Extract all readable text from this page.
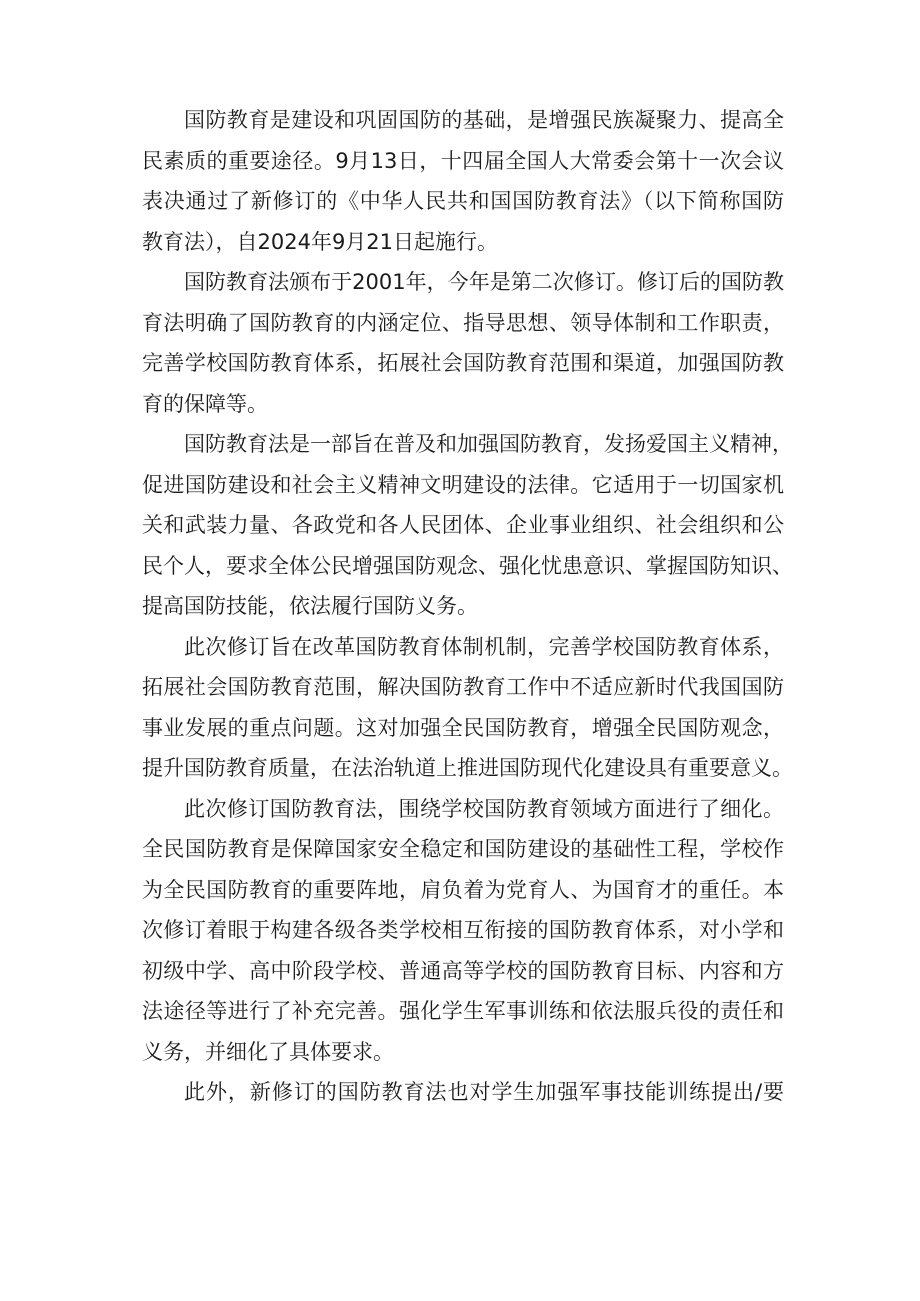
国防教育是建设和巩固国防的基础，是增强民族凝聚力、提高全
民素质的重要途径。9月13日，十四届全国人大常委会第十一次会议
表决通过了新修订的《中华人民共和国国防教育法》（以下简称国防
教育法），自2024年9月21日起施行。
国防教育法颁布于2001年，今年是第二次修订。修订后的国防教
育法明确了国防教育的内涵定位、指导思想、领导体制和工作职责，
完善学校国防教育体系，拓展社会国防教育范围和渠道，加强国防教
育的保障等。
国防教育法是一部旨在普及和加强国防教育，发扬爱国主义精神，
促进国防建设和社会主义精神文明建设的法律。它适用于一切国家机
关和武装力量、各政党和各人民团体、企业事业组织、社会组织和公
民个人，要求全体公民增强国防观念、强化忧患意识、掌握国防知识、
提高国防技能，依法履行国防义务。
此次修订旨在改革国防教育体制机制，完善学校国防教育体系，
拓展社会国防教育范围，解决国防教育工作中不适应新时代我国国防
事业发展的重点问题。这对加强全民国防教育，增强全民国防观念，
提升国防教育质量，在法治轨道上推进国防现代化建设具有重要意义。
此次修订国防教育法，围绕学校国防教育领域方面进行了细化。
全民国防教育是保障国家安全稳定和国防建设的基础性工程，学校作
为全民国防教育的重要阵地，肩负着为党育人、为国育才的重任。本
次修订着眼于构建各级各类学校相互衔接的国防教育体系，对小学和
初级中学、高中阶段学校、普通高等学校的国防教育目标、内容和方
法途径等进行了补充完善。强化学生军事训练和依法服兵役的责任和
义务，并细化了具体要求。
此外，新修订的国防教育法也对学生加强军事技能训练提出/要
